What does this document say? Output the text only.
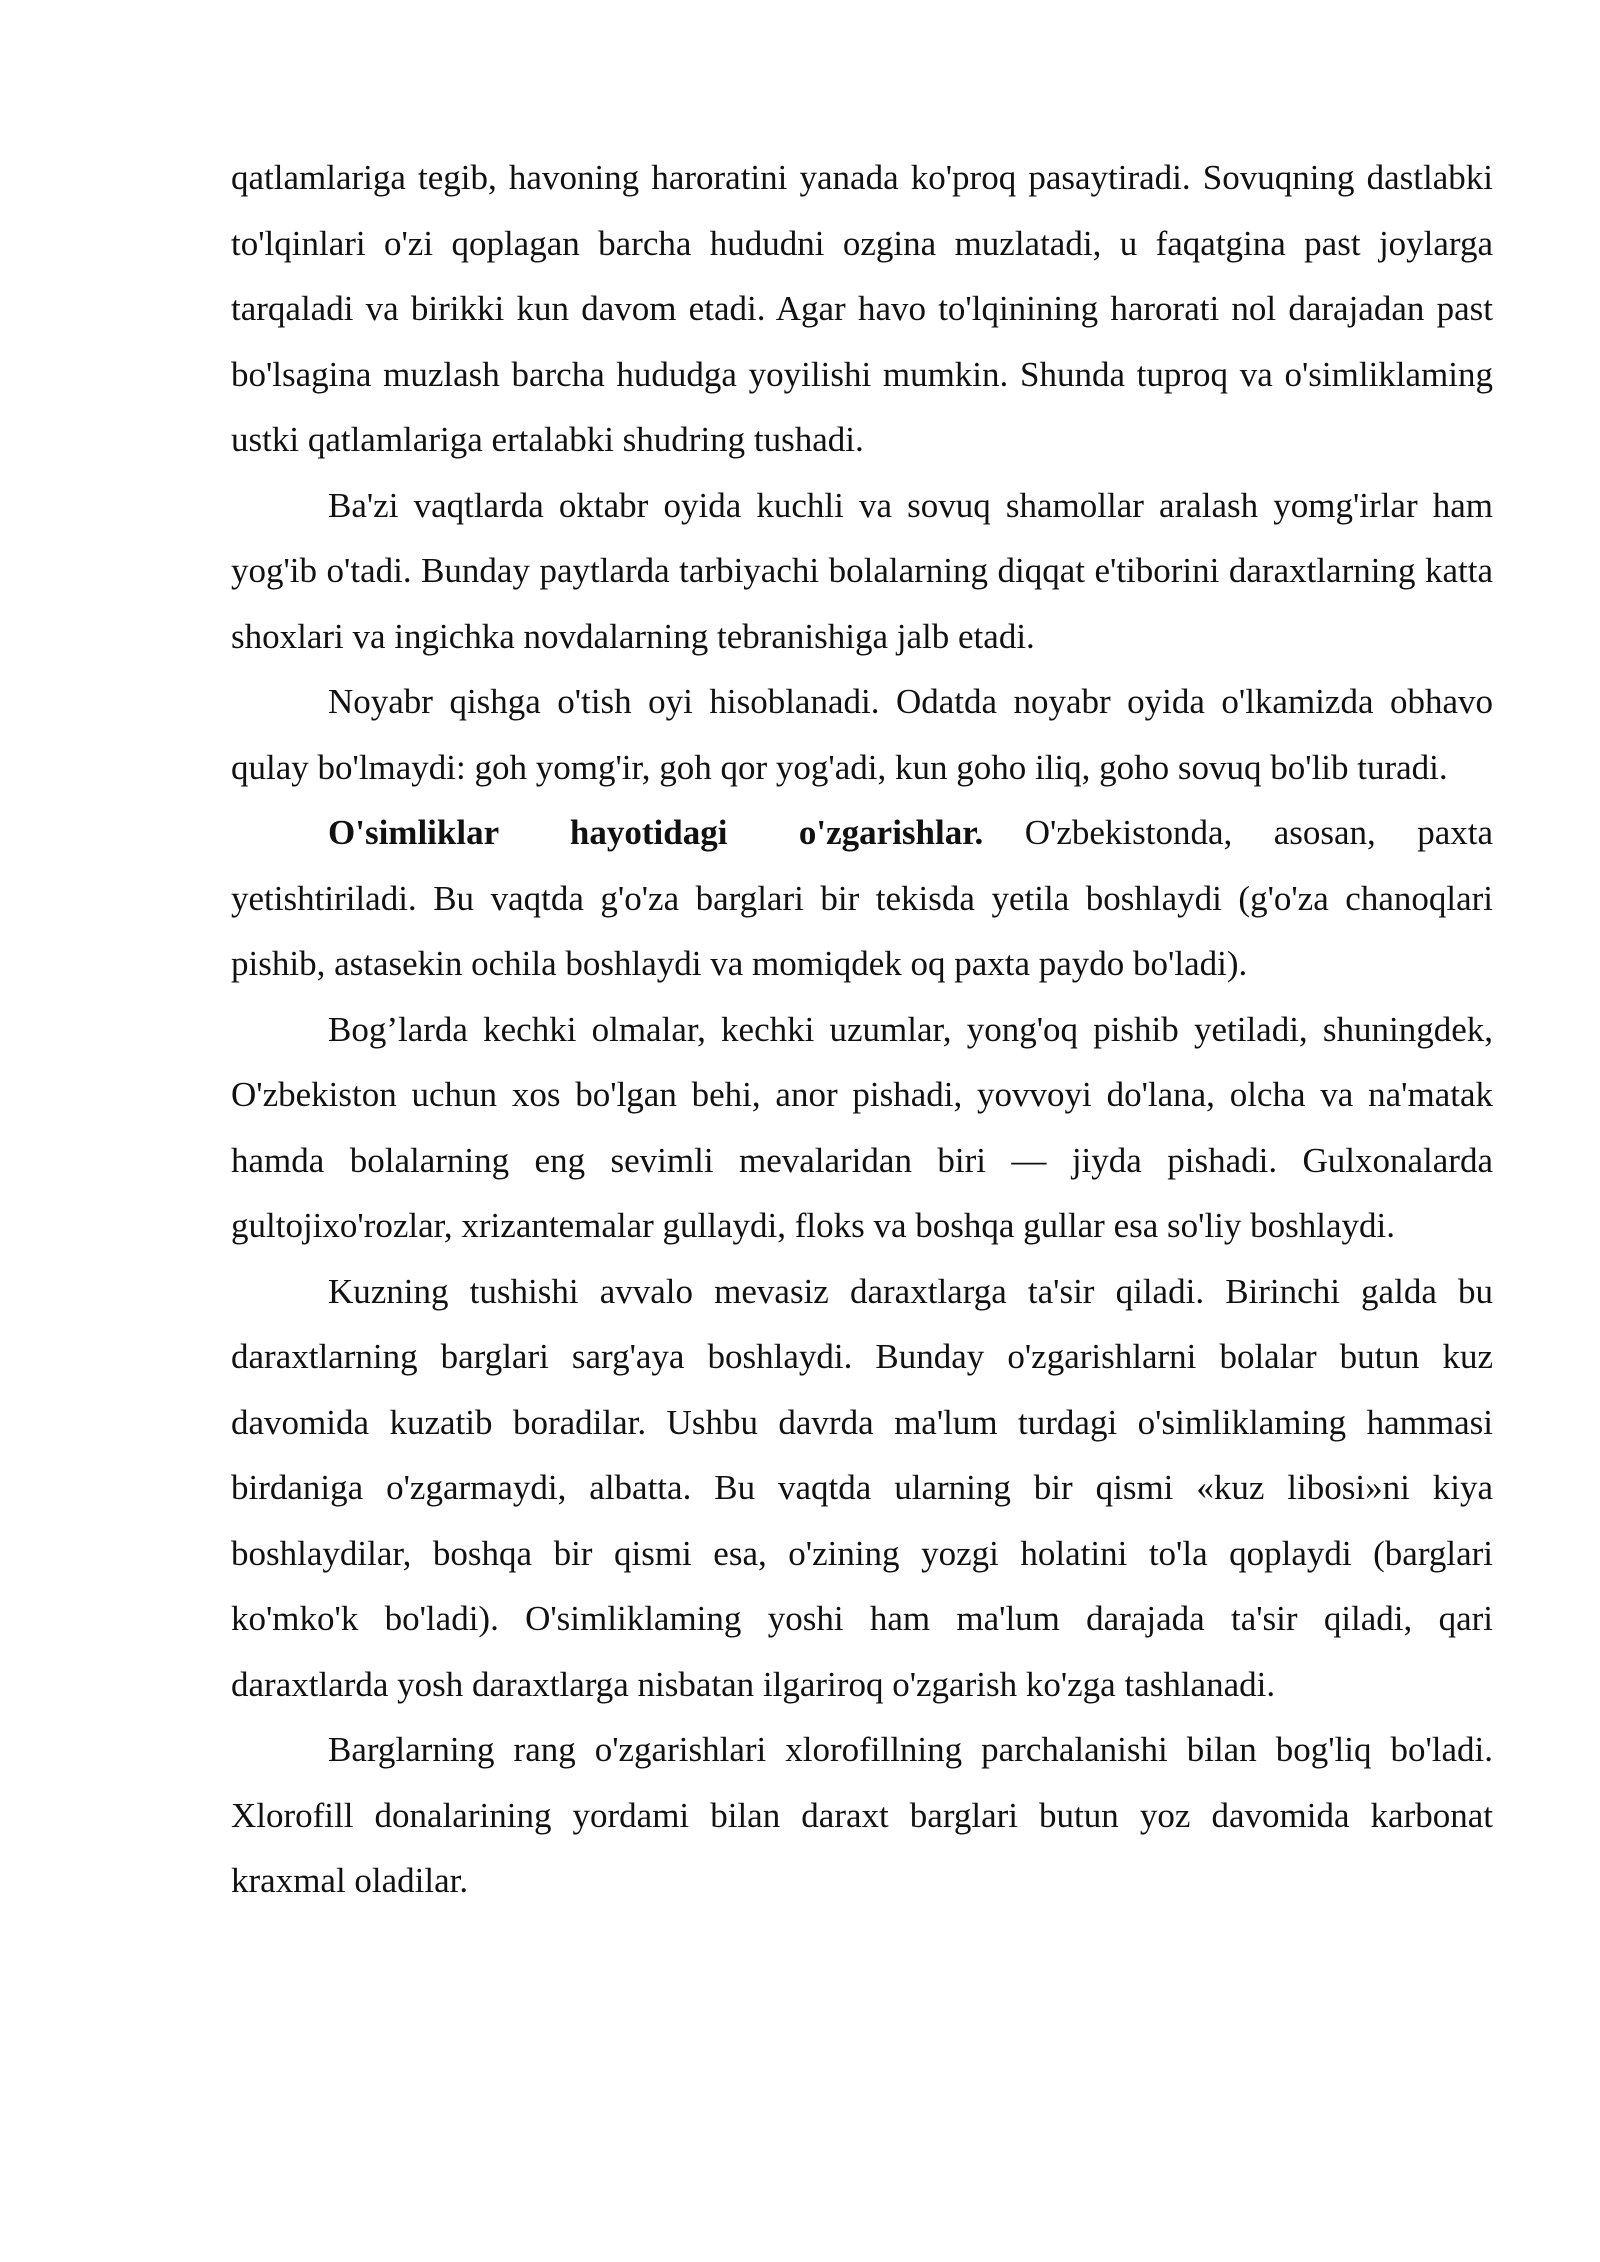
qatlamlariga tegib, havoning haroratini yanada ko'proq pasaytiradi. Sovuqning dastlabki to'lqinlari o'zi qoplagan barcha hududni ozgina muzlatadi, u faqatgina past joylarga tarqaladi va birikki kun davom etadi. Agar havo to'lqinining harorati nol darajadan past bo'lsagina muzlash barcha hududga yoyilishi mumkin. Shunda tuproq va o'simliklaming ustki qatlamlariga ertalabki shudring tushadi.

Ba'zi vaqtlarda oktabr oyida kuchli va sovuq shamollar aralash yomg'irlar ham yog'ib o'tadi. Bunday paytlarda tarbiyachi bolalarning diqqat e'tiborini daraxtlarning katta shoxlari va ingichka novdalarning tebranishiga jalb etadi.

Noyabr qishga o'tish oyi hisoblanadi. Odatda noyabr oyida o'lkamizda obhavo qulay bo'lmaydi: goh yomg'ir, goh qor yog'adi, kun goho iliq, goho sovuq bo'lib turadi.

O'simliklar hayotidagi o'zgarishlar. O'zbekistonda, asosan, paxta yetishtiriladi. Bu vaqtda g'o'za barglari bir tekisda yetila boshlaydi (g'o'za chanoqlari pishib, astasekin ochila boshlaydi va momiqdek oq paxta paydo bo'ladi).

Bog’larda kechki olmalar, kechki uzumlar, yong'oq pishib yetiladi, shuningdek, O'zbekiston uchun xos bo'lgan behi, anor pishadi, yovvoyi do'lana, olcha va na'matak hamda bolalarning eng sevimli mevalaridan biri — jiyda pishadi. Gulxonalarda gultojixo'rozlar, xrizantemalar gullaydi, floks va boshqa gullar esa so'liy boshlaydi.

Kuzning tushishi avvalo mevasiz daraxtlarga ta'sir qiladi. Birinchi galda bu daraxtlarning barglari sarg'aya boshlaydi. Bunday o'zgarishlarni bolalar butun kuz davomida kuzatib boradilar. Ushbu davrda ma'lum turdagi o'simliklaming hammasi birdaniga o'zgarmaydi, albatta. Bu vaqtda ularning bir qismi «kuz libosi»ni kiya boshlaydilar, boshqa bir qismi esa, o'zining yozgi holatini to'la qoplaydi (barglari ko'mko'k bo'ladi). O'simliklaming yoshi ham ma'lum darajada ta'sir qiladi, qari daraxtlarda yosh daraxtlarga nisbatan ilgariroq o'zgarish ko'zga tashlanadi.

Barglarning rang o'zgarishlari xlorofillning parchalanishi bilan bog'liq bo'ladi. Xlorofill donalarining yordami bilan daraxt barglari butun yoz davomida karbonat kraxmal oladilar.
